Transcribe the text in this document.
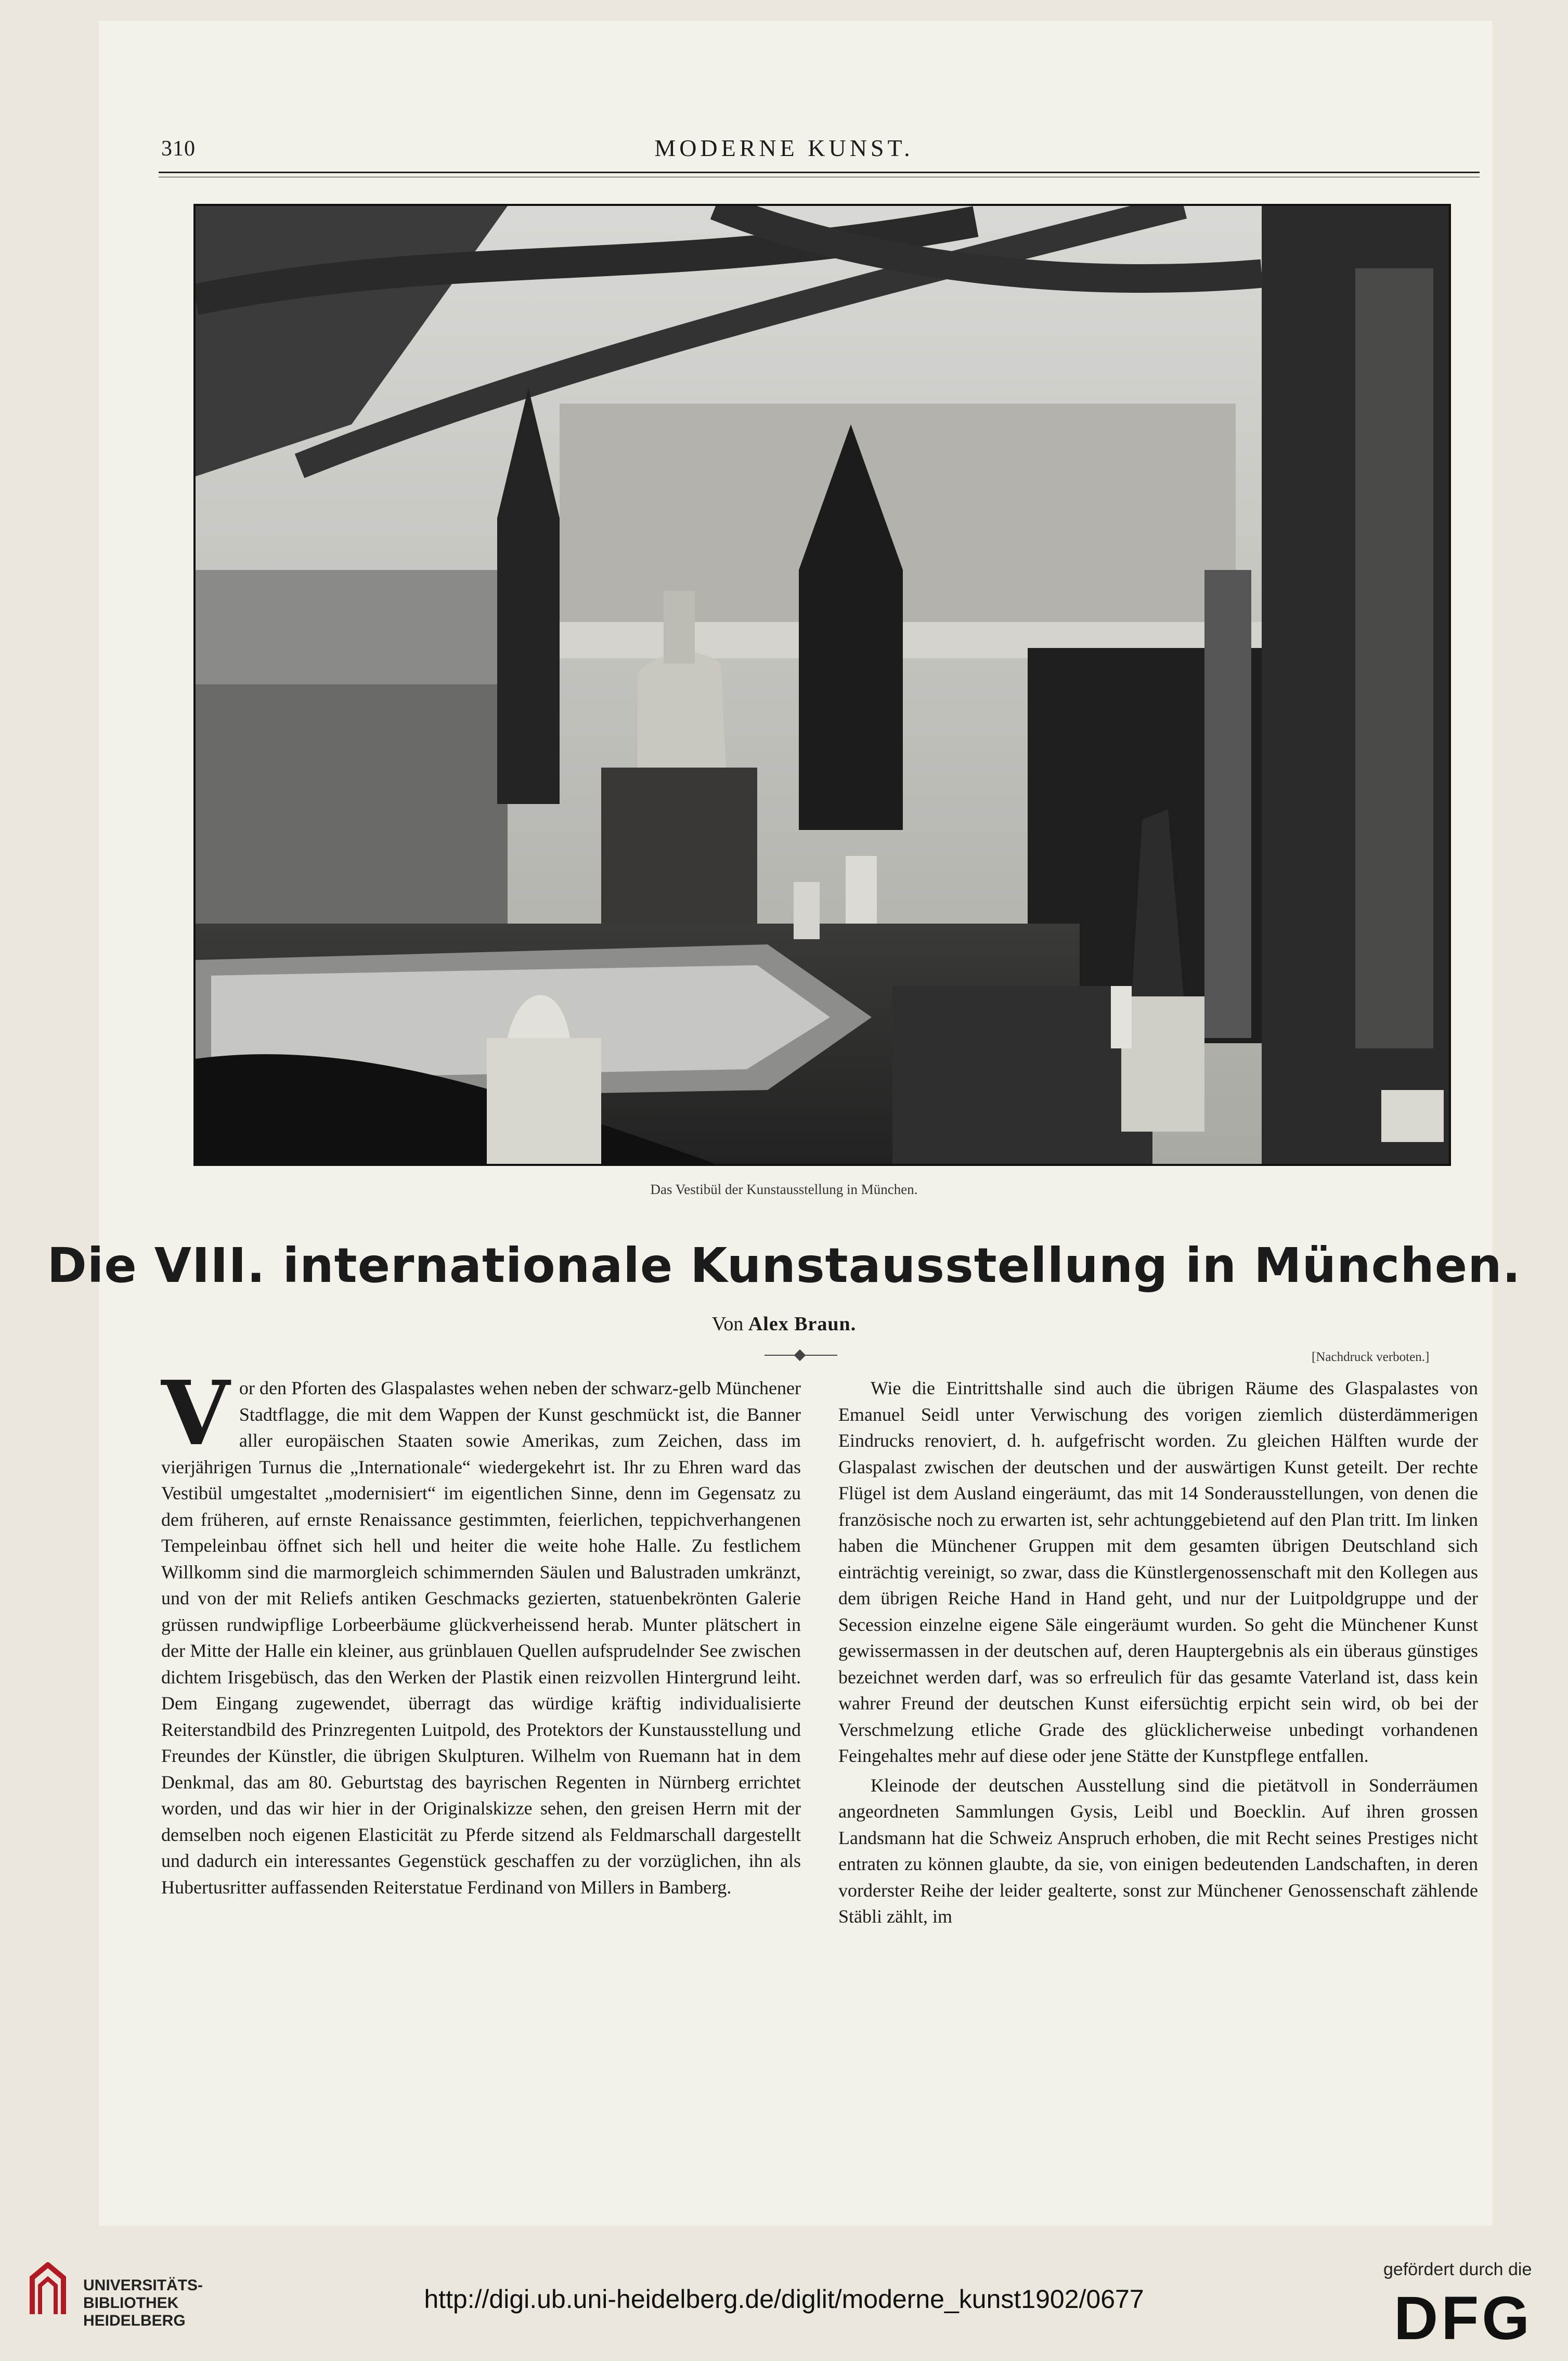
310	MODERNE KUNST.
Das Vestibül der Kunstausstellung in München.
Die VIII. internationale Kunstausstellung in München.
Von Alex Braun.
[Nachdruck verboten.]

Vor den Pforten des Glaspalastes wehen neben der schwarz-gelb Münchener Stadtflagge, die mit dem Wappen der Kunst geschmückt ist, die Banner aller europäischen Staaten sowie Amerikas, zum Zeichen, dass im vierjährigen Turnus die „Internationale“ wiedergekehrt ist. Ihr zu Ehren ward das Vestibül umgestaltet „modernisiert“ im eigentlichen Sinne, denn im Gegensatz zu dem früheren, auf ernste Renaissance gestimmten, feierlichen, teppichverhangenen Tempeleinbau öffnet sich hell und heiter die weite hohe Halle. Zu festlichem Willkomm sind die marmorgleich schimmernden Säulen und Balustraden umkränzt, und von der mit Reliefs antiken Geschmacks gezierten, statuenbekrönten Galerie grüssen rundwipflige Lorbeerbäume glückverheissend herab. Munter plätschert in der Mitte der Halle ein kleiner, aus grünblauen Quellen aufsprudelnder See zwischen dichtem Irisgebüsch, das den Werken der Plastik einen reizvollen Hintergrund leiht. Dem Eingang zugewendet, überragt das würdige kräftig individualisierte Reiterstandbild des Prinzregenten Luitpold, des Protektors der Kunstausstellung und Freundes der Künstler, die übrigen Skulpturen. Wilhelm von Ruemann hat in dem Denkmal, das am 80. Geburtstag des bayrischen Regenten in Nürnberg errichtet worden, und das wir hier in der Originalskizze sehen, den greisen Herrn mit der demselben noch eigenen Elasticität zu Pferde sitzend als Feldmarschall dargestellt und dadurch ein interessantes Gegenstück geschaffen zu der vorzüglichen, ihn als Hubertusritter auffassenden Reiterstatue Ferdinand von Millers in Bamberg.

Wie die Eintrittshalle sind auch die übrigen Räume des Glaspalastes von Emanuel Seidl unter Verwischung des vorigen ziemlich düsterdämmerigen Eindrucks renoviert, d. h. aufgefrischt worden. Zu gleichen Hälften wurde der Glaspalast zwischen der deutschen und der auswärtigen Kunst geteilt. Der rechte Flügel ist dem Ausland eingeräumt, das mit 14 Sonderausstellungen, von denen die französische noch zu erwarten ist, sehr achtunggebietend auf den Plan tritt. Im linken haben die Münchener Gruppen mit dem gesamten übrigen Deutschland sich einträchtig vereinigt, so zwar, dass die Künstlergenossenschaft mit den Kollegen aus dem übrigen Reiche Hand in Hand geht, und nur der Luitpoldgruppe und der Secession einzelne eigene Säle eingeräumt wurden. So geht die Münchener Kunst gewissermassen in der deutschen auf, deren Hauptergebnis als ein überaus günstiges bezeichnet werden darf, was so erfreulich für das gesamte Vaterland ist, dass kein wahrer Freund der deutschen Kunst eifersüchtig erpicht sein wird, ob bei der Verschmelzung etliche Grade des glücklicherweise unbedingt vorhandenen Feingehaltes mehr auf diese oder jene Stätte der Kunstpflege entfallen.

Kleinode der deutschen Ausstellung sind die pietätvoll in Sonderräumen angeordneten Sammlungen Gysis, Leibl und Boecklin. Auf ihren grossen Landsmann hat die Schweiz Anspruch erhoben, die mit Recht seines Prestiges nicht entraten zu können glaubte, da sie, von einigen bedeutenden Landschaften, in deren vorderster Reihe der leider gealterte, sonst zur Münchener Genossenschaft zählende Stäbli zählt, im

UNIVERSITÄTS-
BIBLIOTHEK
HEIDELBERG
http://digi.ub.uni-heidelberg.de/diglit/moderne_kunst1902/0677
gefördert durch die
DFG
